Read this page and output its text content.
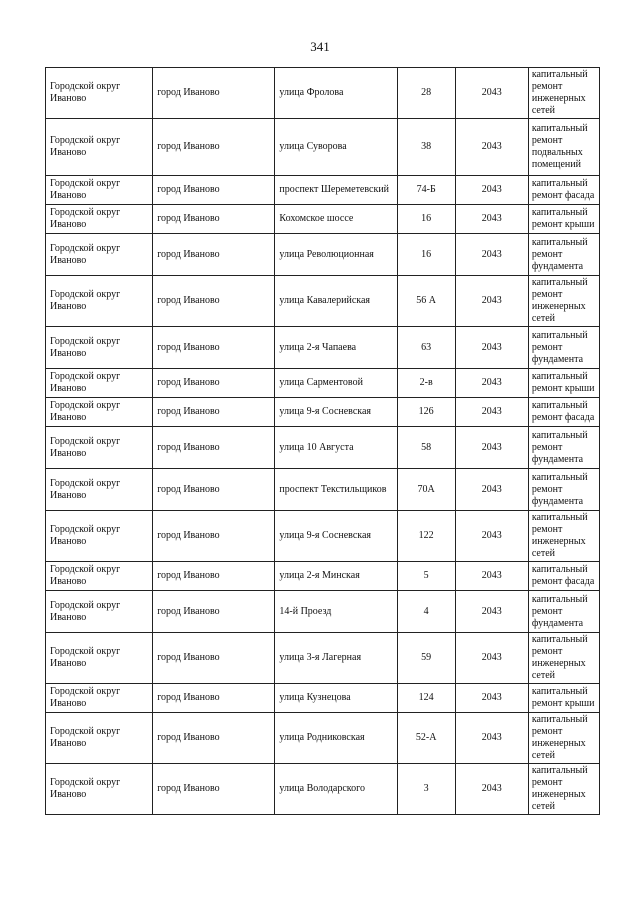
341
Городской округ Иваново	город Иваново	улица Фролова	28	2043	капитальный ремонт инженерных сетей
Городской округ Иваново	город Иваново	улица Суворова	38	2043	капитальный ремонт подвальных помещений
Городской округ Иваново	город Иваново	проспект Шереметевский	74-Б	2043	капитальный ремонт фасада
Городской округ Иваново	город Иваново	Кохомское шоссе	16	2043	капитальный ремонт крыши
Городской округ Иваново	город Иваново	улица Революционная	16	2043	капитальный ремонт фундамента
Городской округ Иваново	город Иваново	улица Кавалерийская	56 А	2043	капитальный ремонт инженерных сетей
Городской округ Иваново	город Иваново	улица 2-я Чапаева	63	2043	капитальный ремонт фундамента
Городской округ Иваново	город Иваново	улица Сарментовой	2-в	2043	капитальный ремонт крыши
Городской округ Иваново	город Иваново	улица 9-я Сосневская	126	2043	капитальный ремонт фасада
Городской округ Иваново	город Иваново	улица 10 Августа	58	2043	капитальный ремонт фундамента
Городской округ Иваново	город Иваново	проспект Текстильщиков	70А	2043	капитальный ремонт фундамента
Городской округ Иваново	город Иваново	улица 9-я Сосневская	122	2043	капитальный ремонт инженерных сетей
Городской округ Иваново	город Иваново	улица 2-я Минская	5	2043	капитальный ремонт фасада
Городской округ Иваново	город Иваново	14-й Проезд	4	2043	капитальный ремонт фундамента
Городской округ Иваново	город Иваново	улица 3-я Лагерная	59	2043	капитальный ремонт инженерных сетей
Городской округ Иваново	город Иваново	улица Кузнецова	124	2043	капитальный ремонт крыши
Городской округ Иваново	город Иваново	улица Родниковская	52-А	2043	капитальный ремонт инженерных сетей
Городской округ Иваново	город Иваново	улица Володарского	3	2043	капитальный ремонт инженерных сетей
